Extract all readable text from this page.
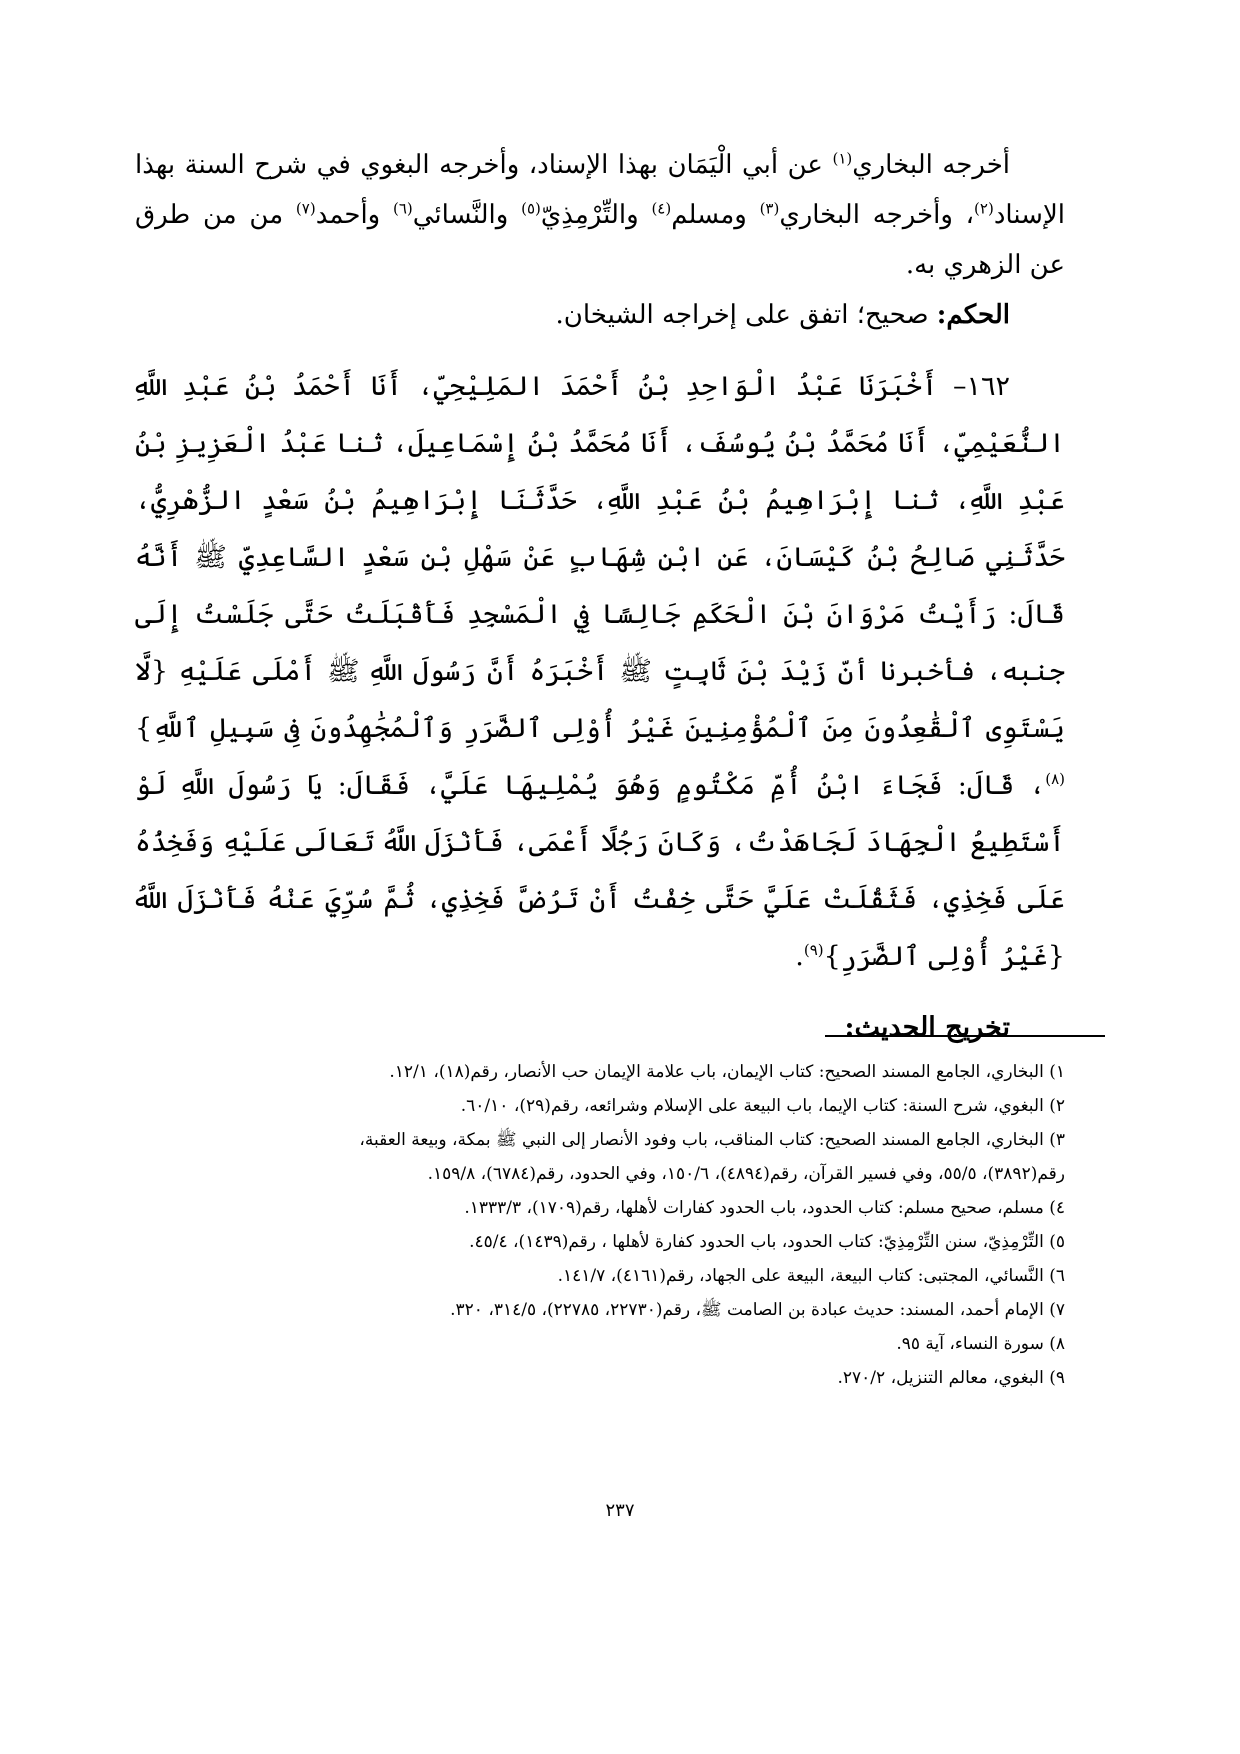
أخرجه البخاري$^{(١)}$ عن أبي الْيَمَان بهذا الإسناد، وأخرجه البغوي في شرح السنة بهذا الإسناد$^{(٢)}$، وأخرجه البخاري$^{(٣)}$ ومسلم$^{(٤)}$ والتِّرْمِذِيّ$^{(٥)}$ والنَّسائي$^{(٦)}$ وأحمد$^{(٧)}$ من من طرق عن الزهري به.

الحكم: صحيح؛ اتفق على إخراجه الشيخان.

١٦٢– أَخْبَرَنَا عَبْدُ الْوَاحِدِ بْنُ أَحْمَدَ المَلِيْحِيّ، أَنَا أَحْمَدُ بْنُ عَبْدِ اللَّهِ النُّعَيْمِيّ، أَنَا مُحَمَّدُ بْنُ يُوسُفَ، أَنَا مُحَمَّدُ بْنُ إِسْمَاعِيلَ، ثنا عَبْدُ الْعَزِيزِ بْنُ عَبْدِ اللَّهِ، ثنا إِبْرَاهِيمُ بْنُ عَبْدِ اللَّهِ، حَدَّثَنَا إِبْرَاهِيمُ بْنُ سَعْدٍ الزُّهْرِيُّ، حَدَّثَنِي صَالِحُ بْنُ كَيْسَانَ، عَنِ ابْنِ شِهَابٍ عَنْ سَهْلِ بْنِ سَعْدٍ السَّاعِدِيِّ ﷺ أَنَّهُ قَالَ: رَأَيْتُ مَرْوَانَ بْنَ الْحَكَمِ جَالِسًا فِي الْمَسْجِدِ فَأَقْبَلَتُ حَتَّى جَلَسْتُ إِلَى جنبه، فأخبرنا أنّ زَيْدَ بْنَ ثَابِتٍ ﷺ أَخْبَرَهُ أَنَّ رَسُولَ اللَّهِ ﷺ أَمْلَى عَلَيْهِ {لَّا يَسْتَوِى ٱلْقَٰعِدُونَ مِنَ ٱلْمُؤْمِنِينَ غَيْرُ أُوْلِى ٱلضَّرَرِ وَٱلْمُجَٰهِدُونَ فِى سَبِيلِ ٱللَّهِ}$^{(٨)}$، قَالَ: فَجَاءَ ابْنُ أُمِّ مَكْتُومٍ وَهُوَ يُمْلِيهَا عَلَيَّ، فَقَالَ: يَا رَسُولَ اللَّهِ لَوْ أَسْتَطِيعُ الْجِهَادَ لَجَاهَدْتُ، وَكَانَ رَجُلًا أَعْمَى، فَأَنْزَلَ اللَّهُ تَعَالَى عَلَيْهِ وَفَخِذُهُ عَلَى فَخِذِي، فَثَقُلَتْ عَلَيَّ حَتَّى خِفْتُ أَنْ تَرُضَّ فَخِذِي، ثُمَّ سُرِّيَ عَنْهُ فَأَنْزَلَ اللَّهُ {غَيْرُ أُوْلِى ٱلضَّرَرِ}$^{(٩)}$.

تخريج الحديث:

١) البخاري، الجامع المسند الصحيح: كتاب الإيمان، باب علامة الإيمان حب الأنصار، رقم(١٨)، ١٢/١.
٢) البغوي، شرح السنة: كتاب الإيما، باب البيعة على الإسلام وشرائعه، رقم(٢٩)، ٦٠/١٠.
٣) البخاري، الجامع المسند الصحيح: كتاب المناقب، باب وفود الأنصار إلى النبي ﷺ بمكة، وبيعة العقبة،
رقم(٣٨٩٢)، ٥٥/٥، وفي فسير القرآن، رقم(٤٨٩٤)، ١٥٠/٦، وفي الحدود، رقم(٦٧٨٤)، ١٥٩/٨.
٤) مسلم، صحيح مسلم: كتاب الحدود، باب الحدود كفارات لأهلها، رقم(١٧٠٩)، ١٣٣٣/٣.
٥) التِّرْمِذِيّ، سنن التِّرْمِذِيّ: كتاب الحدود، باب الحدود كفارة لأهلها ، رقم(١٤٣٩)، ٤٥/٤.
٦) النَّسائي، المجتبى: كتاب البيعة، البيعة على الجهاد، رقم(٤١٦١)، ١٤١/٧.
٧) الإمام أحمد، المسند: حديث عبادة بن الصامت ﷺ، رقم(٢٢٧٣٠، ٢٢٧٨٥)، ٣١٤/٥، ٣٢٠.
٨) سورة النساء، آية ٩٥.
٩) البغوي، معالم التنزيل، ٢٧٠/٢.
٢٣٧
